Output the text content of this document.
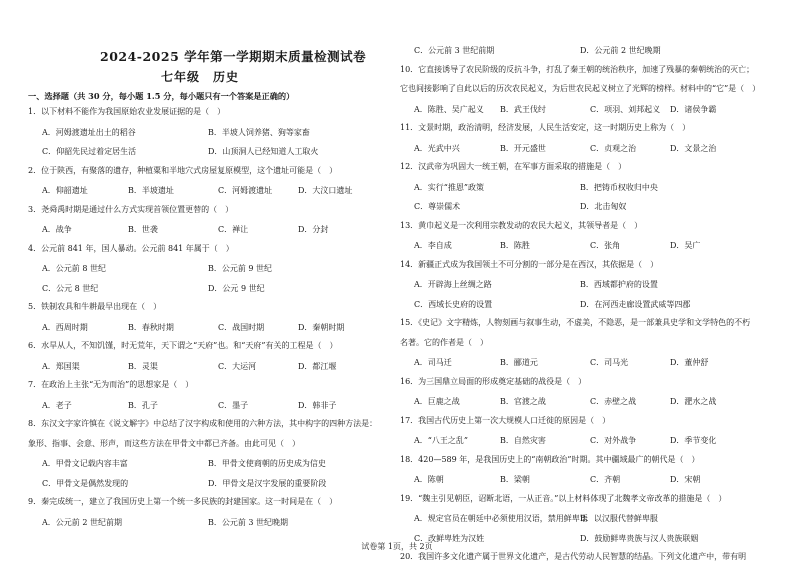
2024-2025 学年第一学期期末质量检测试卷
七年级　 历史
一、选择题（共 30 分，每小题 1.5 分，每小题只有一个答案是正确的）
1．以下材料不能作为我国原始农业发展证据的是（　）
A．河姆渡遗址出土的稻谷	B．半坡人饲养猪、狗等家畜
C．仰韶先民过着定居生活	D．山顶洞人已经知道人工取火
2．位于陕西，有聚落的遗存，种植粟和半地穴式房屋复原模型，这个遗址可能是（　）
A．仰韶遗址	B．半坡遗址	C．河姆渡遗址	D．大汶口遗址
3．尧舜禹时期是通过什么方式实现首领位置更替的（　）
A．战争	B．世袭	C．禅让	D．分封
4．公元前 841 年，国人暴动。公元前 841 年属于（　）
A．公元前 8 世纪	B．公元前 9 世纪
C．公元 8 世纪	D．公元 9 世纪
5．铁制农具和牛耕最早出现在（　）
A．西周时期	B．春秋时期	C．战国时期	D．秦朝时期
6．水旱从人，不知饥馑，时无荒年，天下谓之“天府”也。和“天府”有关的工程是（　）
A．郑国渠	B．灵渠	C．大运河	D．都江堰
7．在政治上主张“无为而治”的思想家是（　）
A．老子	B．孔子	C．墨子	D．韩非子
8．东汉文字家许慎在《说文解字》中总结了汉字构成和使用的六种方法，其中构字的四种方法是：
象形、指事、会意、形声，而这些方法在甲骨文中都已齐备。由此可见（　）
A．甲骨文记载内容丰富	B．甲骨文使商朝的历史成为信史
C．甲骨文是偶然发现的	D．甲骨文是汉字发展的重要阶段
9．秦完成统一，建立了我国历史上第一个统一多民族的封建国家。这一时间是在（　）
A．公元前 2 世纪前期	B．公元前 3 世纪晚期
C．公元前 3 世纪前期	D．公元前 2 世纪晚期
10．它直接诱导了农民阶级的反抗斗争，打乱了秦王朝的统治秩序，加速了残暴的秦朝统治的灭亡；
它也间接影响了自此以后的历次农民起义，为后世农民起义树立了光辉的榜样。材料中的“它”是（　）
A．陈胜、吴广起义 B．武王伐纣	C．项羽、刘邦起义 D．诸侯争霸
11．文景时期，政治清明，经济发展，人民生活安定，这一时期历史上称为（　）
A．光武中兴	B．开元盛世	C．贞观之治	D．文景之治
12．汉武帝为巩固大一统王朝，在军事方面采取的措施是（　）
A．实行“推恩”政策	B．把铸币权收归中央
C．尊崇儒术	D．北击匈奴
13．黄巾起义是一次利用宗教发动的农民大起义，其领导者是（　）
A．李自成	B．陈胜	C．张角	D．吴广
14．新疆正式成为我国领土不可分割的一部分是在西汉，其依据是（　）
A．开辟海上丝绸之路	B．西域都护府的设置
C．西域长史府的设置	D．在河西走廊设置武威等四郡
15．《史记》文字精炼，人物刻画与叙事生动，不虚美，不隐恶，是一部兼具史学和文学特色的不朽
名著。它的作者是（　）
A．司马迁	B．郦道元	C．司马光	D．董仲舒
16．为三国鼎立局面的形成奠定基础的战役是（　）
A．巨鹿之战	B．官渡之战	C．赤壁之战	D．淝水之战
17．我国古代历史上第一次大规模人口迁徙的原因是（　）
A．“八王之乱”	B．自然灾害	C．对外战争	D．季节变化
18．420—589 年，是我国历史上的“南朝政治”时期。其中疆域最广的朝代是（　）
A．陈朝	B．梁朝	C．齐朝	D．宋朝
19．“魏主引见朝臣，诏断北语，一从正音。”以上材料体现了北魏孝文帝改革的措施是（　）
A．规定官员在朝廷中必须使用汉语，禁用鲜卑语
B．以汉服代替鲜卑服
C．改鲜卑姓为汉姓	D．鼓励鲜卑贵族与汉人贵族联姻
20．我国许多文化遗产属于世界文化遗产，是古代劳动人民智慧的结晶。下列文化遗产中，带有明
试卷第 1页，共 2页
